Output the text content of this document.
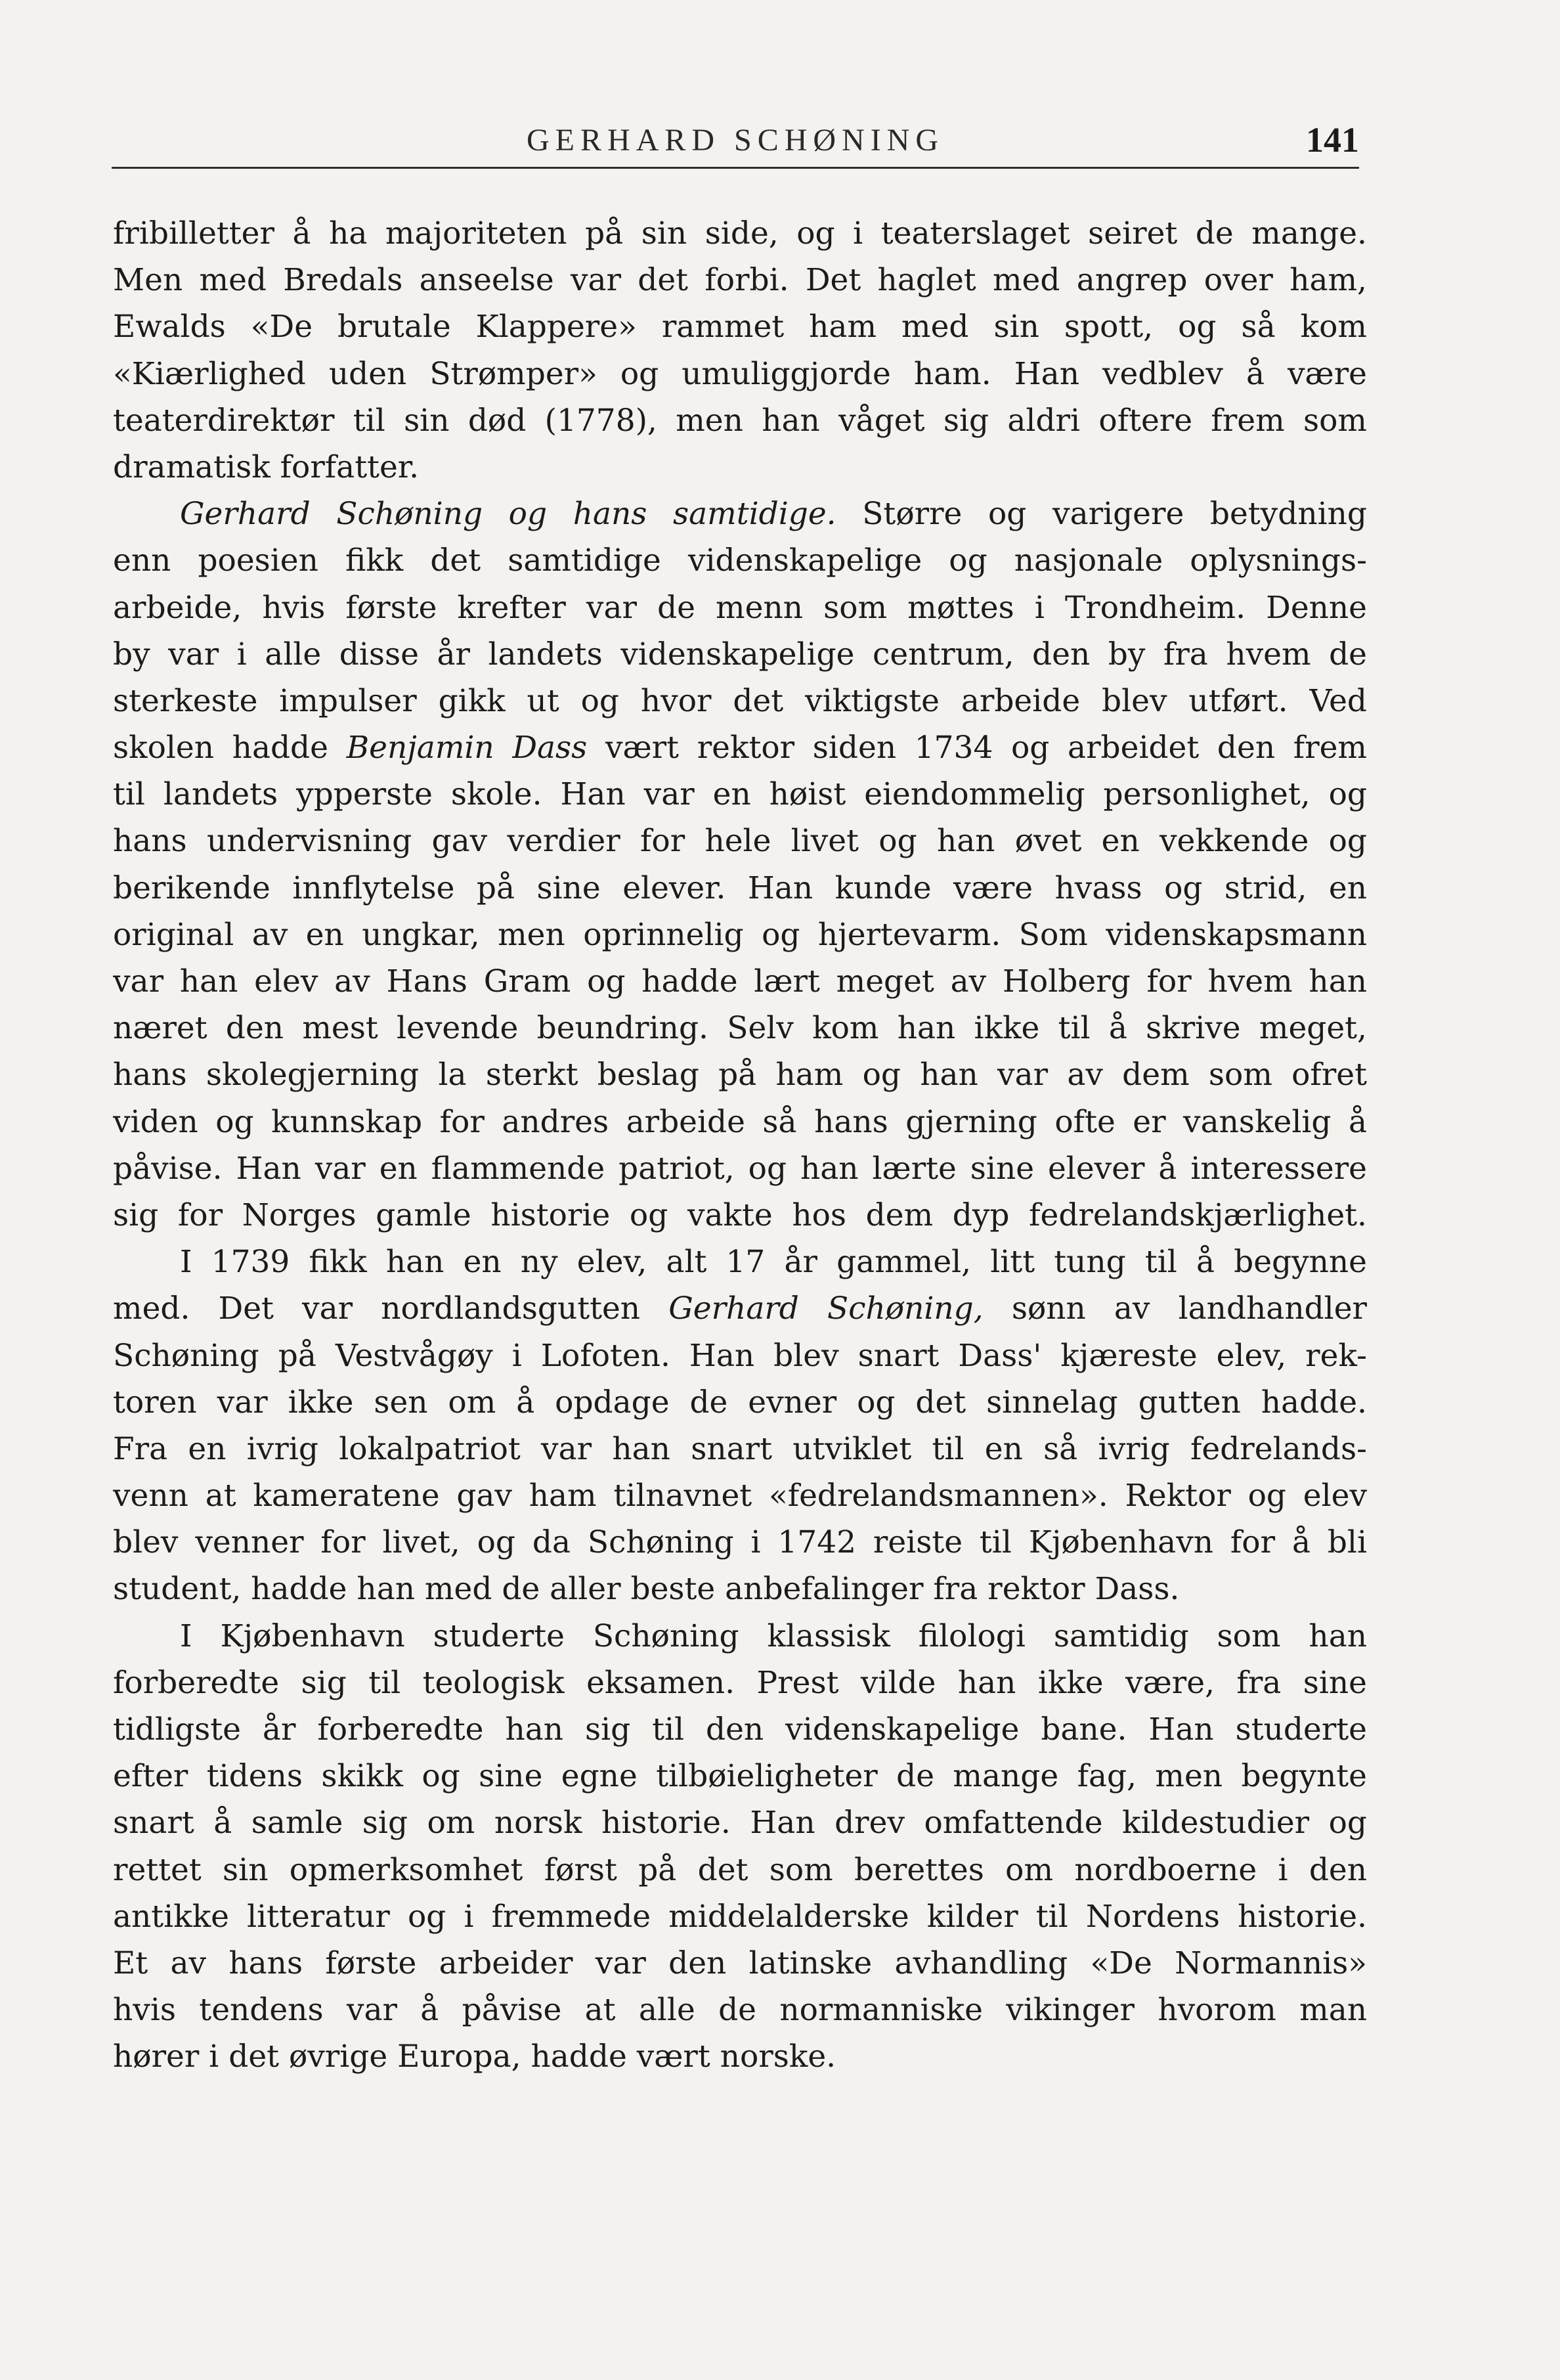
GERHARD SCHØNING	141
fribilletter å ha majoriteten på sin side, og i teaterslaget seiret de mange.
Men med Bredals anseelse var det forbi. Det haglet med angrep over ham,
Ewalds «De brutale Klappere» rammet ham med sin spott, og så kom
«Kiærlighed uden Strømper» og umuliggjorde ham. Han vedblev å være
teaterdirektør til sin død (1778), men han våget sig aldri oftere frem som
dramatisk forfatter.
Gerhard Schøning og hans samtidige. Større og varigere betydning
enn poesien fikk det samtidige videnskapelige og nasjonale oplysnings-
arbeide, hvis første krefter var de menn som møttes i Trondheim. Denne
by var i alle disse år landets videnskapelige centrum, den by fra hvem de
sterkeste impulser gikk ut og hvor det viktigste arbeide blev utført. Ved
skolen hadde Benjamin Dass vært rektor siden 1734 og arbeidet den frem
til landets ypperste skole. Han var en høist eiendommelig personlighet, og
hans undervisning gav verdier for hele livet og han øvet en vekkende og
berikende innflytelse på sine elever. Han kunde være hvass og strid, en
original av en ungkar, men oprinnelig og hjertevarm. Som videnskapsmann
var han elev av Hans Gram og hadde lært meget av Holberg for hvem han
næret den mest levende beundring. Selv kom han ikke til å skrive meget,
hans skolegjerning la sterkt beslag på ham og han var av dem som ofret
viden og kunnskap for andres arbeide så hans gjerning ofte er vanskelig å
påvise. Han var en flammende patriot, og han lærte sine elever å interessere
sig for Norges gamle historie og vakte hos dem dyp fedrelandskjærlighet.
I 1739 fikk han en ny elev, alt 17 år gammel, litt tung til å begynne
med. Det var nordlandsgutten Gerhard Schøning, sønn av landhandler
Schøning på Vestvågøy i Lofoten. Han blev snart Dass' kjæreste elev, rek-
toren var ikke sen om å opdage de evner og det sinnelag gutten hadde.
Fra en ivrig lokalpatriot var han snart utviklet til en så ivrig fedrelands-
venn at kameratene gav ham tilnavnet «fedrelandsmannen». Rektor og elev
blev venner for livet, og da Schøning i 1742 reiste til Kjøbenhavn for å bli
student, hadde han med de aller beste anbefalinger fra rektor Dass.
I Kjøbenhavn studerte Schøning klassisk filologi samtidig som han
forberedte sig til teologisk eksamen. Prest vilde han ikke være, fra sine
tidligste år forberedte han sig til den videnskapelige bane. Han studerte
efter tidens skikk og sine egne tilbøieligheter de mange fag, men begynte
snart å samle sig om norsk historie. Han drev omfattende kildestudier og
rettet sin opmerksomhet først på det som berettes om nordboerne i den
antikke litteratur og i fremmede middelalderske kilder til Nordens historie.
Et av hans første arbeider var den latinske avhandling «De Normannis»
hvis tendens var å påvise at alle de normanniske vikinger hvorom man
hører i det øvrige Europa, hadde vært norske.
